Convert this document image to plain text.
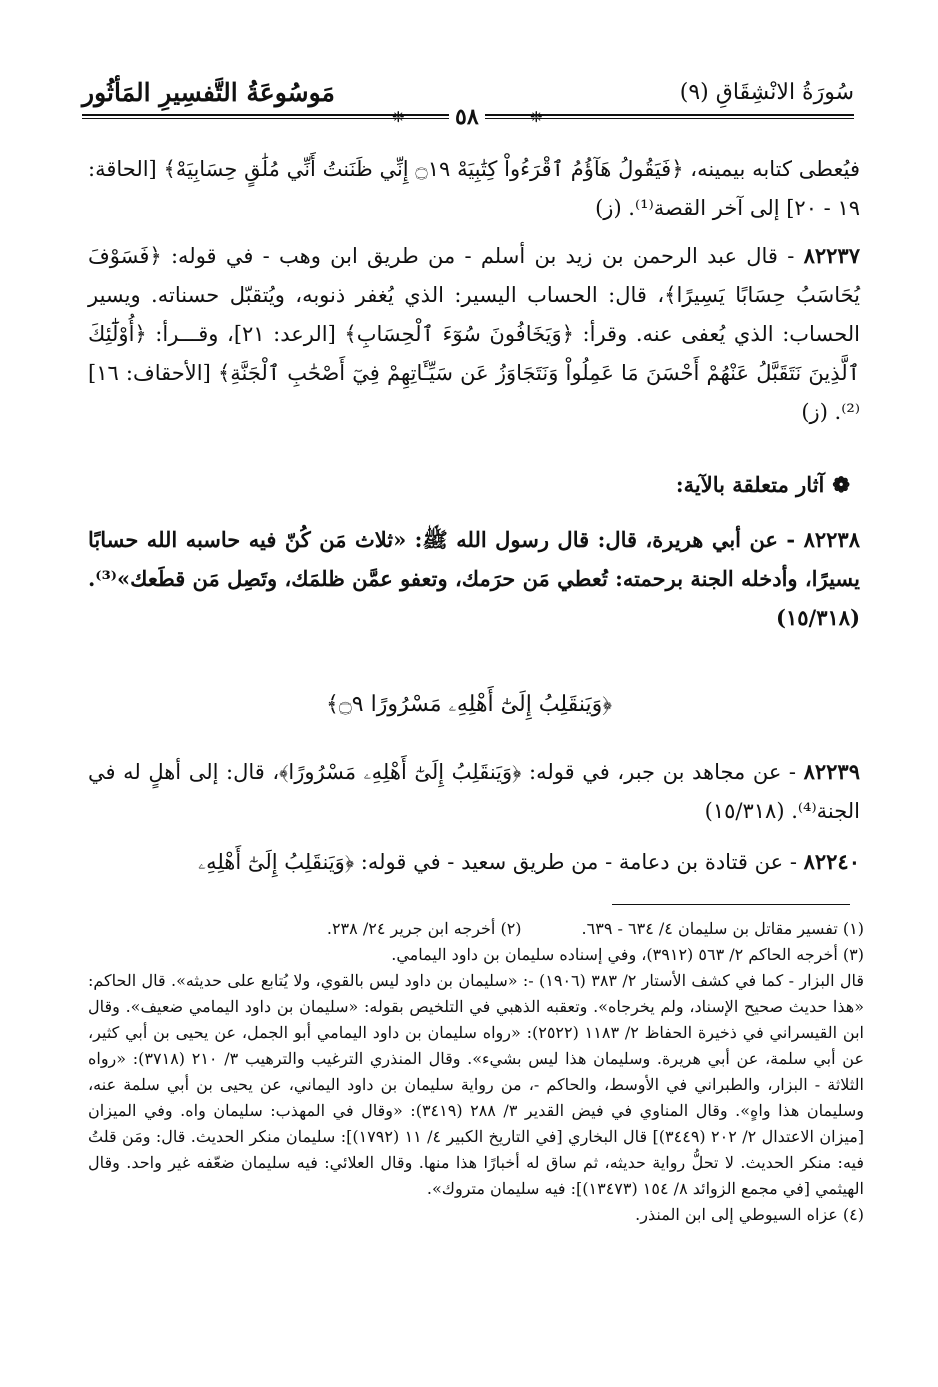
سُورَةُ الانْشِقَاقِ (٩)
مَوسُوعَةُ التَّفسِيرِ المَأثُور
❈	❈
٥٨
فيُعطى كتابه بيمينه، ﴿فَيَقُولُ هَآؤُمُ ٱقْرَءُواْ كِتَٰبِيَهْ ۝١٩ إِنِّي ظَنَنتُ أَنِّي مُلَٰقٍ حِسَابِيَهْ﴾ [الحاقة: ١٩ - ٢٠] إلى آخر القصة⁽¹⁾. (ز)
٨٢٢٣٧ - قال عبد الرحمن بن زيد بن أسلم - من طريق ابن وهب - في قوله: ﴿فَسَوْفَ يُحَاسَبُ حِسَابًا يَسِيرًا﴾، قال: الحساب اليسير: الذي يُغفر ذنوبه، ويُتقبّل حسناته. ويسير الحساب: الذي يُعفى عنه. وقرأ: ﴿وَيَخَافُونَ سُوٓءَ ٱلْحِسَابِ﴾ [الرعد: ٢١]، وقـــرأ: ﴿أُوْلَٰٓئِكَ ٱلَّذِينَ نَتَقَبَّلُ عَنْهُمْ أَحْسَنَ مَا عَمِلُواْ وَنَتَجَاوَزُ عَن سَيِّـَٔاتِهِمْ فِيٓ أَصْحَٰبِ ٱلْجَنَّةِ﴾ [الأحقاف: ١٦]⁽²⁾. (ز)
❁آثار متعلقة بالآية:
٨٢٢٣٨ - عن أبي هريرة، قال: قال رسول الله ﷺ: «ثلاث مَن كُنّ فيه حاسبه الله حسابًا يسيرًا، وأدخله الجنة برحمته: تُعطي مَن حرَمك، وتعفو عمَّن ظلمَك، وتَصِل مَن قطَعك»⁽³⁾. (١٥/٣١٨)
﴿وَيَنقَلِبُ إِلَىٰٓ أَهْلِهِۦ مَسْرُورًا ۝٩﴾
٨٢٢٣٩ - عن مجاهد بن جبر، في قوله: ﴿وَيَنقَلِبُ إِلَىٰٓ أَهْلِهِۦ مَسْرُورًا﴾، قال: إلى أهلٍ له في الجنة⁽⁴⁾. (١٥/٣١٨)
٨٢٢٤٠ - عن قتادة بن دعامة - من طريق سعيد - في قوله: ﴿وَيَنقَلِبُ إِلَىٰٓ أَهْلِهِۦ
(١) تفسير مقاتل بن سليمان ٤/ ٦٣٤ - ٦٣٩.
(٢) أخرجه ابن جرير ٢٤/ ٢٣٨.

(٣) أخرجه الحاكم ٢/ ٥٦٣ (٣٩١٢)، وفي إسناده سليمان بن داود اليمامي.

قال البزار - كما في كشف الأستار ٢/ ٣٨٣ (١٩٠٦) -: «سليمان بن داود ليس بالقوي، ولا يُتابع على حديثه». قال الحاكم: «هذا حديث صحيح الإسناد، ولم يخرجاه». وتعقبه الذهبي في التلخيص بقوله: «سليمان بن داود اليمامي ضعيف». وقال ابن القيسراني في ذخيرة الحفاظ ٢/ ١١٨٣ (٢٥٢٢): «رواه سليمان بن داود اليمامي أبو الجمل، عن يحيى بن أبي كثير، عن أبي سلمة، عن أبي هريرة. وسليمان هذا ليس بشيء». وقال المنذري الترغيب والترهيب ٣/ ٢١٠ (٣٧١٨): «رواه الثلاثة - البزار، والطبراني في الأوسط، والحاكم -، من رواية سليمان بن داود اليماني، عن يحيى بن أبي سلمة عنه، وسليمان هذا واهٍ». وقال المناوي في فيض القدير ٣/ ٢٨٨ (٣٤١٩): «وقال في المهذب: سليمان واه. وفي الميزان [ميزان الاعتدال ٢/ ٢٠٢ (٣٤٤٩)] قال البخاري [في التاريخ الكبير ٤/ ١١ (١٧٩٢)]: سليمان منكر الحديث. قال: ومَن قلتُ فيه: منكر الحديث. لا تحلُّ رواية حديثه، ثم ساق له أخبارًا هذا منها. وقال العلائي: فيه سليمان ضعّفه غير واحد. وقال الهيثمي [في مجمع الزوائد ٨/ ١٥٤ (١٣٤٧٣)]: فيه سليمان متروك».

(٤) عزاه السيوطي إلى ابن المنذر.
